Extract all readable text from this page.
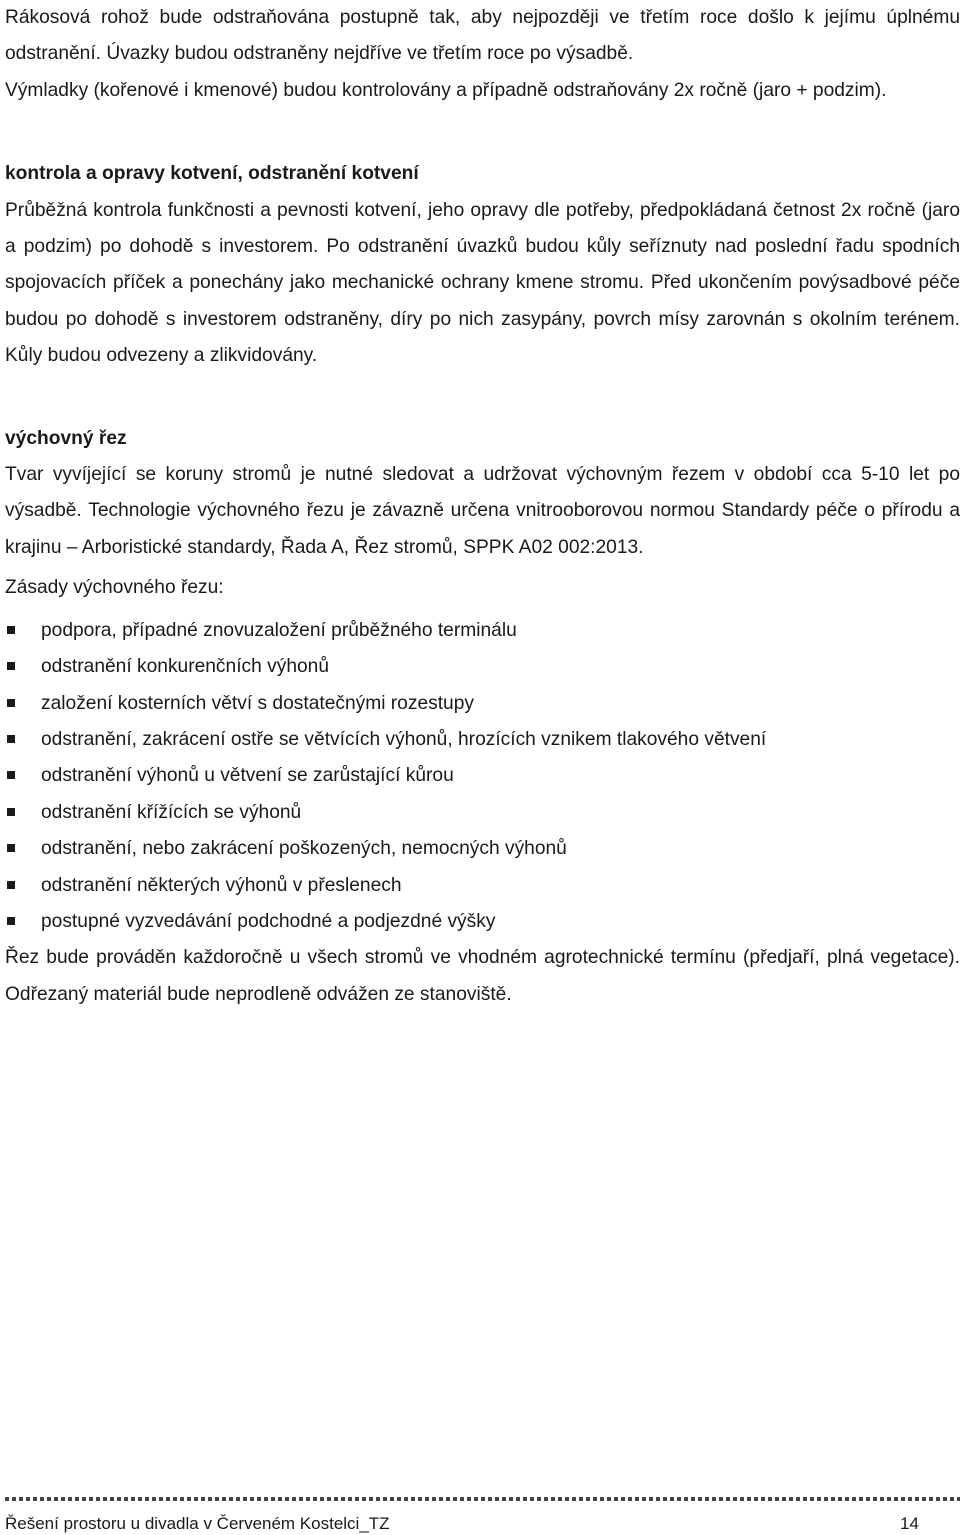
Rákosová rohož bude odstraňována postupně tak, aby nejpozději ve třetím roce došlo k jejímu úplnému odstranění. Úvazky budou odstraněny nejdříve ve třetím roce po výsadbě.

Výmladky (kořenové i kmenové) budou kontrolovány a případně odstraňovány 2x ročně (jaro + podzim).

kontrola a opravy kotvení, odstranění kotvení

Průběžná kontrola funkčnosti a pevnosti kotvení, jeho opravy dle potřeby, předpokládaná četnost 2x ročně (jaro a podzim) po dohodě s investorem. Po odstranění úvazků budou kůly seříznuty nad poslední řadu spodních spojovacích příček a ponechány jako mechanické ochrany kmene stromu. Před ukončením povýsadbové péče budou po dohodě s investorem odstraněny, díry po nich zasypány, povrch mísy zarovnán s okolním terénem. Kůly budou odvezeny a zlikvidovány.

výchovný řez

Tvar vyvíjející se koruny stromů je nutné sledovat a udržovat výchovným řezem v období cca 5-10 let po výsadbě. Technologie výchovného řezu je závazně určena vnitrooborovou normou Standardy péče o přírodu a krajinu – Arboristické standardy, Řada A, Řez stromů, SPPK A02 002:2013.

Zásady výchovného řezu:

podpora, případné znovuzaložení průběžného terminálu
odstranění konkurenčních výhonů
založení kosterních větví s dostatečnými rozestupy
odstranění, zakrácení ostře se větvících výhonů, hrozících vznikem tlakového větvení
odstranění výhonů u větvení se zarůstající kůrou
odstranění křížících se výhonů
odstranění, nebo zakrácení poškozených, nemocných výhonů
odstranění některých výhonů v přeslenech
postupné vyzvedávání podchodné a podjezdné výšky

Řez bude prováděn každoročně u všech stromů ve vhodném agrotechnické termínu (předjaří, plná vegetace). Odřezaný materiál bude neprodleně odvážen ze stanoviště.

Řešení prostoru u divadla v Červeném Kostelci_TZ	14
